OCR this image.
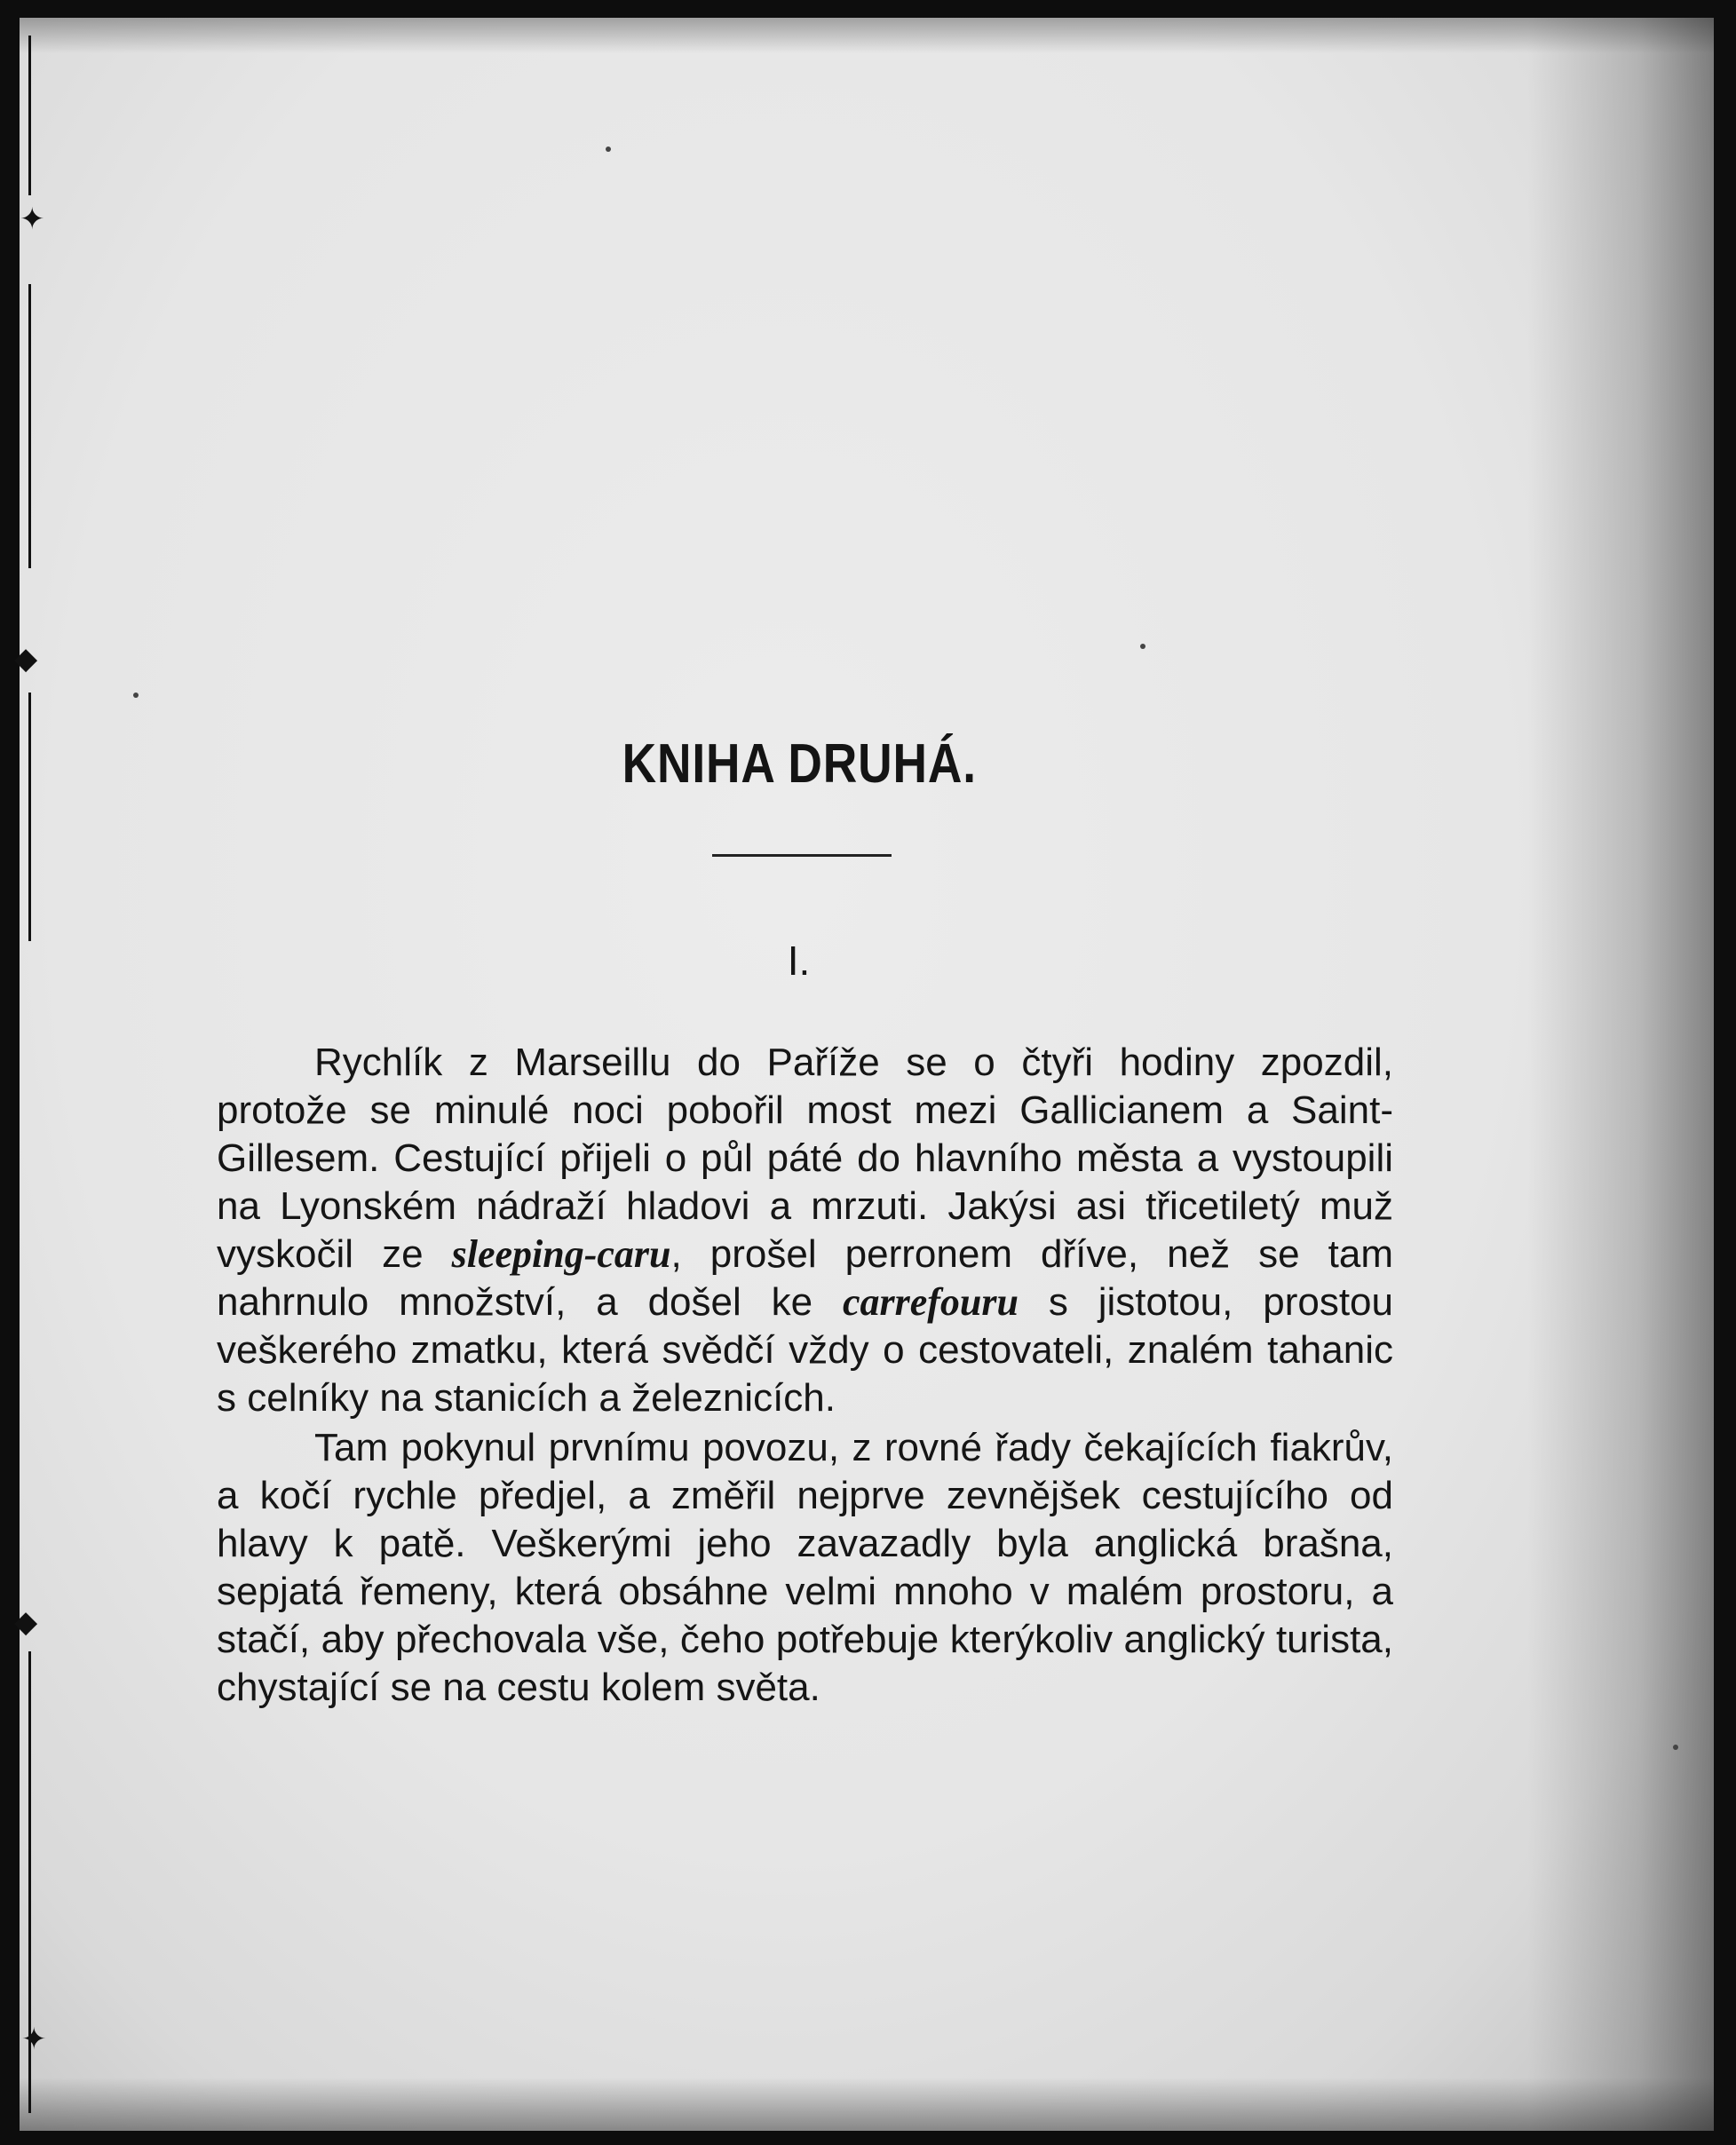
✦
◆
◆
✦
KNIHA DRUHÁ.
I.

Rychlík z Marseillu do Paříže se o čtyři hodiny zpozdil, protože se minulé noci pobořil most mezi Gallicianem a Saint-Gillesem. Cestující přijeli o půl páté do hlavního města a vystoupili na Lyonském nádraží hladovi a mrzuti. Jakýsi asi třicetiletý muž vyskočil ze sleeping-caru, prošel perronem dříve, než se tam nahrnulo množství, a došel ke carrefouru s jistotou, prostou veškerého zmatku, která svědčí vždy o cestovateli, znalém tahanic s celníky na stanicích a železnicích.

Tam pokynul prvnímu povozu, z rovné řady čekajících fiakrův, a kočí rychle předjel, a změřil nejprve zevnějšek cestujícího od hlavy k patě. Veškerými jeho zavazadly byla anglická brašna, sepjatá řemeny, která obsáhne velmi mnoho v malém prostoru, a stačí, aby přechovala vše, čeho potřebuje kterýkoliv anglický turista, chystající se na cestu kolem světa.
